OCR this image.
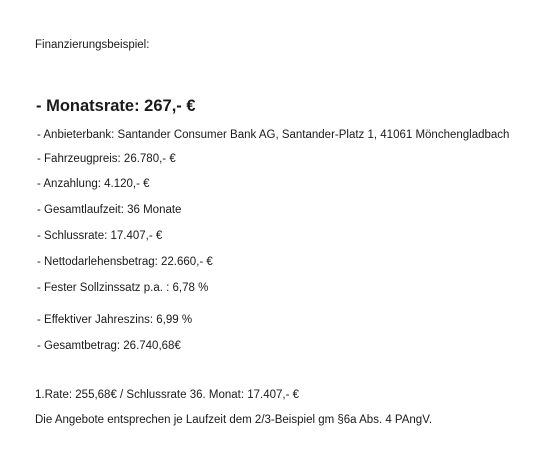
Finanzierungsbeispiel:
- Monatsrate: 267,- €
- Anbieterbank: Santander Consumer Bank AG, Santander-Platz 1, 41061 Mönchengladbach
- Fahrzeugpreis: 26.780,- €
- Anzahlung: 4.120,- €
- Gesamtlaufzeit: 36 Monate
- Schlussrate: 17.407,- €
- Nettodarlehensbetrag: 22.660,- €
- Fester Sollzinssatz p.a. : 6,78 %
- Effektiver Jahreszins: 6,99 %
- Gesamtbetrag: 26.740,68€
1.Rate: 255,68€ / Schlussrate 36. Monat: 17.407,- €
Die Angebote entsprechen je Laufzeit dem 2/3-Beispiel gm §6a Abs. 4 PAngV.
